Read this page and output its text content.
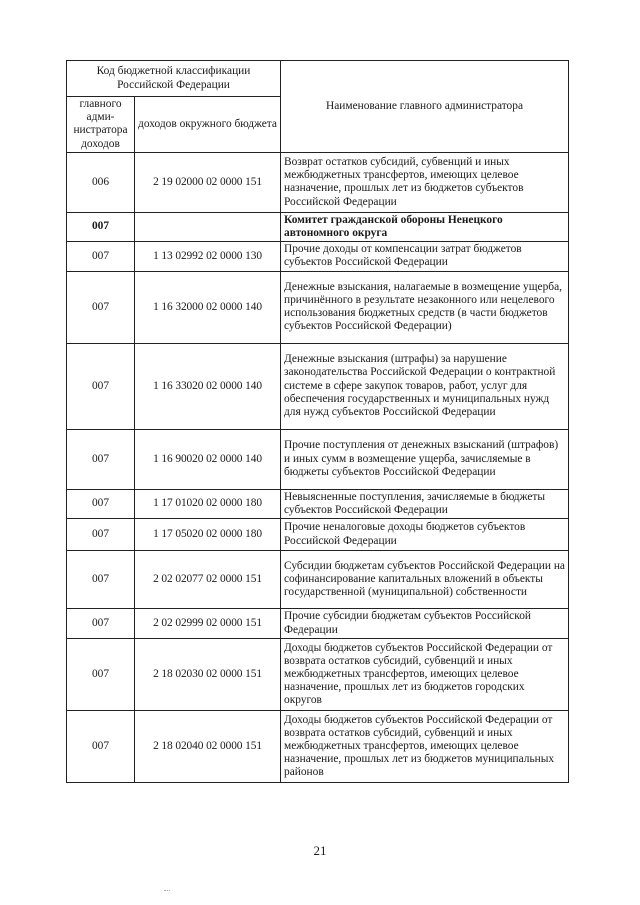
Код бюджетной классификации Российской Федерации		Наименование главного администратора
главного адми-нистратора доходов	доходов окружного бюджета	
006	2 19 02000 02 0000 151	Возврат остатков субсидий, субвенций и иных межбюджетных трансфертов, имеющих целевое назначение, прошлых лет из бюджетов субъектов Российской Федерации
007		Комитет гражданской обороны Ненецкого автономного округа
007	1 13 02992 02 0000 130	Прочие доходы от компенсации затрат бюджетов субъектов Российской Федерации
007	1 16 32000 02 0000 140	Денежные взыскания, налагаемые в возмещение ущерба, причинённого в результате незаконного или нецелевого использования бюджетных средств (в части бюджетов субъектов Российской Федерации)
007	1 16 33020 02 0000 140	Денежные взыскания (штрафы) за нарушение законодательства Российской Федерации о контрактной системе в сфере закупок товаров, работ, услуг для обеспечения государственных и муниципальных нужд для нужд субъектов Российской Федерации
007	1 16 90020 02 0000 140	Прочие поступления от денежных взысканий (штрафов) и иных сумм в возмещение ущерба, зачисляемые в бюджеты субъектов Российской Федерации
007	1 17 01020 02 0000 180	Невыясненные поступления, зачисляемые в бюджеты субъектов Российской Федерации
007	1 17 05020 02 0000 180	Прочие неналоговые доходы бюджетов субъектов Российской Федерации
007	2 02 02077 02 0000 151	Субсидии бюджетам субъектов Российской Федерации на софинансирование капитальных вложений в объекты государственной (муниципальной) собственности
007	2 02 02999 02 0000 151	Прочие субсидии бюджетам субъектов Российской Федерации
007	2 18 02030 02 0000 151	Доходы бюджетов субъектов Российской Федерации от возврата остатков субсидий, субвенций и иных межбюджетных трансфертов, имеющих целевое назначение, прошлых лет из бюджетов городских округов
007	2 18 02040 02 0000 151	Доходы бюджетов субъектов Российской Федерации от возврата остатков субсидий, субвенций и иных межбюджетных трансфертов, имеющих целевое назначение, прошлых лет из бюджетов муниципальных районов
21
